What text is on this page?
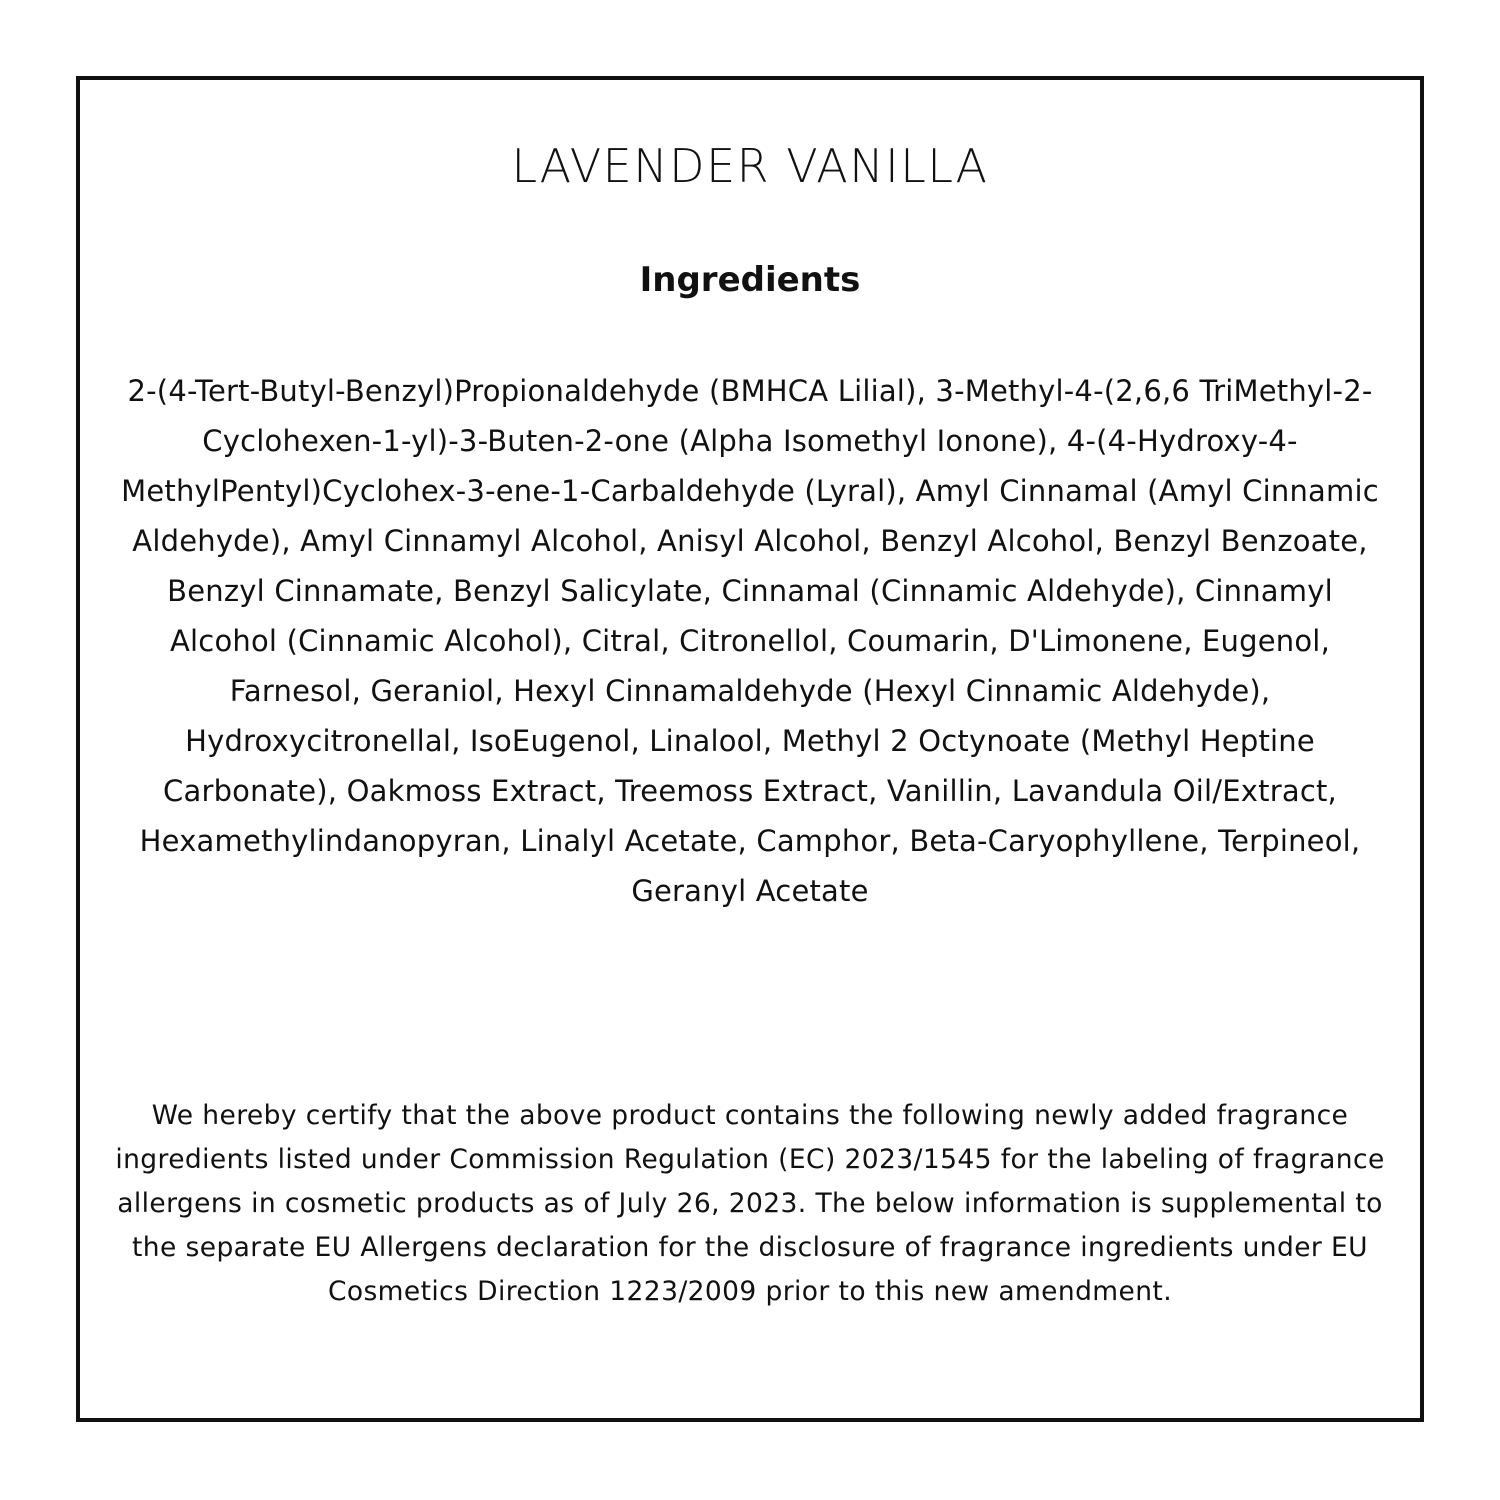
LAVENDER VANILLA
Ingredients

2-(4-Tert-Butyl-Benzyl)Propionaldehyde (BMHCA Lilial), 3-Methyl-4-(2,6,6 TriMethyl-2-Cyclohexen-1-yl)-3-Buten-2-one (Alpha Isomethyl Ionone), 4-(4-Hydroxy-4-MethylPentyl)Cyclohex-3-ene-1-Carbaldehyde (Lyral), Amyl Cinnamal (Amyl Cinnamic Aldehyde), Amyl Cinnamyl Alcohol, Anisyl Alcohol, Benzyl Alcohol, Benzyl Benzoate, Benzyl Cinnamate, Benzyl Salicylate, Cinnamal (Cinnamic Aldehyde), Cinnamyl Alcohol (Cinnamic Alcohol), Citral, Citronellol, Coumarin, D'Limonene, Eugenol, Farnesol, Geraniol, Hexyl Cinnamaldehyde (Hexyl Cinnamic Aldehyde), Hydroxycitronellal, IsoEugenol, Linalool, Methyl 2 Octynoate (Methyl Heptine Carbonate), Oakmoss Extract, Treemoss Extract, Vanillin, Lavandula Oil/Extract, Hexamethylindanopyran, Linalyl Acetate, Camphor, Beta-Caryophyllene, Terpineol, Geranyl Acetate

We hereby certify that the above product contains the following newly added fragrance ingredients listed under Commission Regulation (EC) 2023/1545 for the labeling of fragrance allergens in cosmetic products as of July 26, 2023. The below information is supplemental to the separate EU Allergens declaration for the disclosure of fragrance ingredients under EU Cosmetics Direction 1223/2009 prior to this new amendment.
